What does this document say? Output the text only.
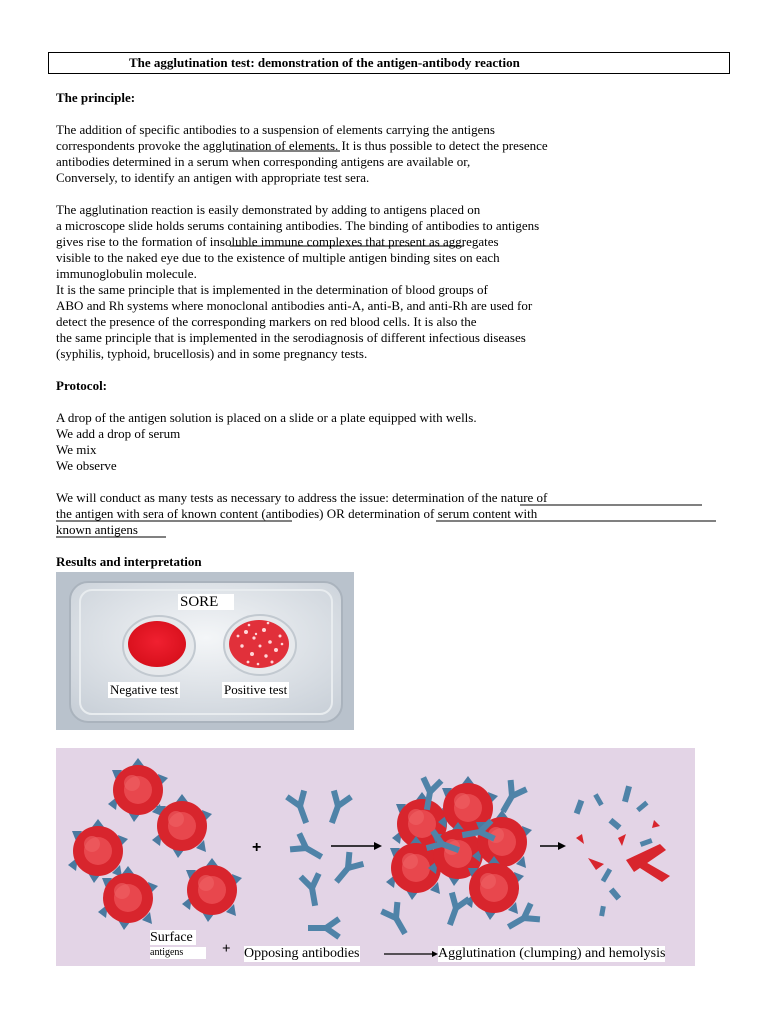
The agglutination test: demonstration of the antigen-antibody reaction
The principle:
The addition of specific antibodies to a suspension of elements carrying the antigens
correspondents provoke the agglutination of elements. It is thus possible to detect the presence
antibodies determined in a serum when corresponding antigens are available or,
Conversely, to identify an antigen with appropriate test sera.
The agglutination reaction is easily demonstrated by adding to antigens placed on
a microscope slide holds serums containing antibodies. The binding of antibodies to antigens
gives rise to the formation of insoluble immune complexes that present as aggregates
visible to the naked eye due to the existence of multiple antigen binding sites on each
immunoglobulin molecule.
It is the same principle that is implemented in the determination of blood groups of
ABO and Rh systems where monoclonal antibodies anti-A, anti-B, and anti-Rh are used for
detect the presence of the corresponding markers on red blood cells. It is also the
the same principle that is implemented in the serodiagnosis of different infectious diseases
(syphilis, typhoid, brucellosis) and in some pregnancy tests.
Protocol:
A drop of the antigen solution is placed on a slide or a plate equipped with wells.
We add a drop of serum
We mix
We observe
We will conduct as many tests as necessary to address the issue: determination of the nature of
the antigen with sera of known content (antibodies) OR determination of serum content with
known antigens
Results and interpretation
SORE
Negative test	Positive test
+
Surface
antigens	+ Opposing antibodies	Agglutination (clumping) and hemolysis
